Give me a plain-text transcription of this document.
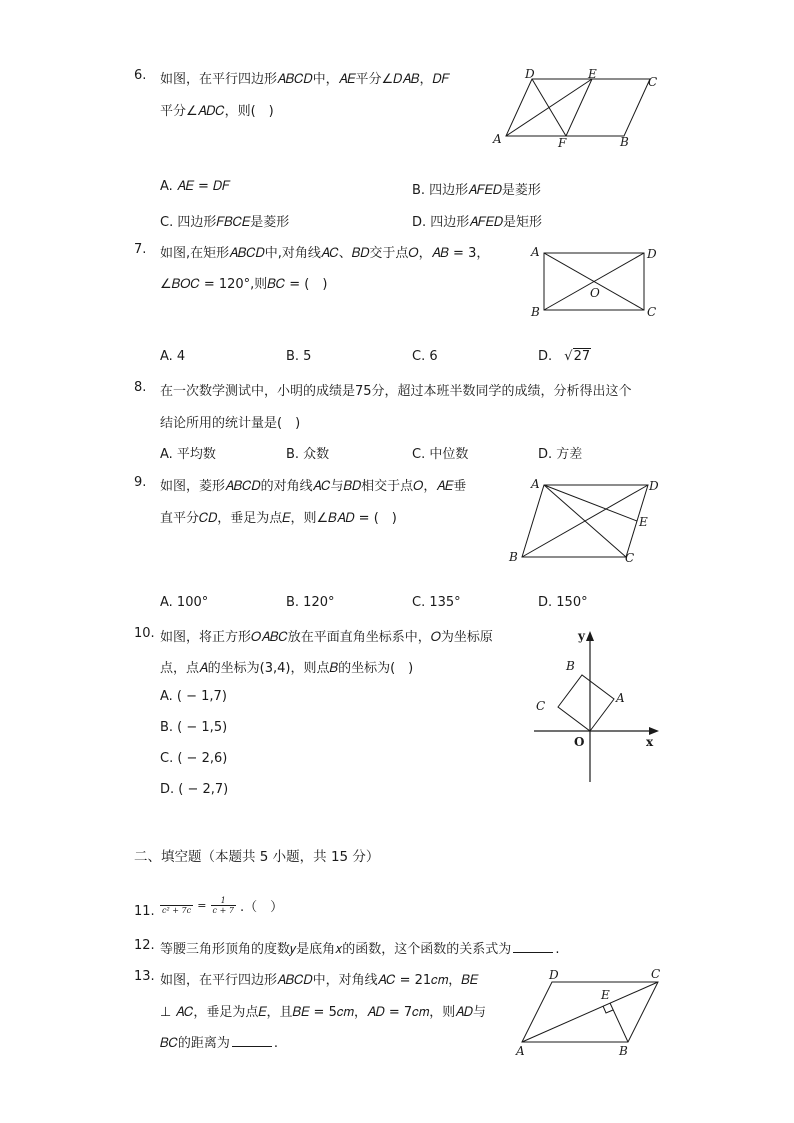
6. 如图，在平行四边形𝐴𝐵𝐶𝐷中，𝐴𝐸平分∠𝐷𝐴𝐵，𝐷𝐹
平分∠𝐴𝐷𝐶，则(　)
D	E
C
A	F	B
A. 𝐴𝐸 = 𝐷𝐹	B. 四边形𝐴𝐹𝐸𝐷是菱形
C. 四边形𝐹𝐵𝐶𝐸是菱形	D. 四边形𝐴𝐹𝐸𝐷是矩形
7. 如图,在矩形𝐴𝐵𝐶𝐷中,对角线𝐴𝐶、𝐵𝐷交于点𝑂，𝐴𝐵 = 3，
∠𝐵𝑂𝐶 = 120°,则𝐵𝐶 = (　)
A	D
O
B	C
A. 4	B. 5	C. 6	D. √27
8. 在一次数学测试中，小明的成绩是75分，超过本班半数同学的成绩，分析得出这个
结论所用的统计量是(　)
A. 平均数	B. 众数	C. 中位数	D. 方差
9. 如图，菱形𝐴𝐵𝐶𝐷的对角线𝐴𝐶与𝐵𝐷相交于点𝑂，𝐴𝐸垂
直平分𝐶𝐷，垂足为点𝐸，则∠𝐵𝐴𝐷 = (　)
A	D
E
B	C
A. 100°	B. 120°	C. 135°	D. 150°
10. 如图，将正方形𝑂𝐴𝐵𝐶放在平面直角坐标系中，𝑂为坐标原
点，点𝐴的坐标为(3,4)，则点𝐵的坐标为(　)
A. ( − 1,7)
B. ( − 1,5)
C. ( − 2,6)
D. ( − 2,7)
y
x
B
A
C
O
二、填空题（本题共 5 小题，共 15 分）
11. $c^2 + 7c = \frac{1}{c + 7}$ .（　）
12. 等腰三角形顶角的度数𝑦是底角𝑥的函数，这个函数的关系式为	.
13. 如图，在平行四边形𝐴𝐵𝐶𝐷中，对角线𝐴𝐶 = 21𝑐𝑚，𝐵𝐸
⊥ 𝐴𝐶，垂足为点𝐸，且𝐵𝐸 = 5𝑐𝑚，𝐴𝐷 = 7𝑐𝑚，则𝐴𝐷与
𝐵𝐶的距离为	.
D	C
E
A	B
